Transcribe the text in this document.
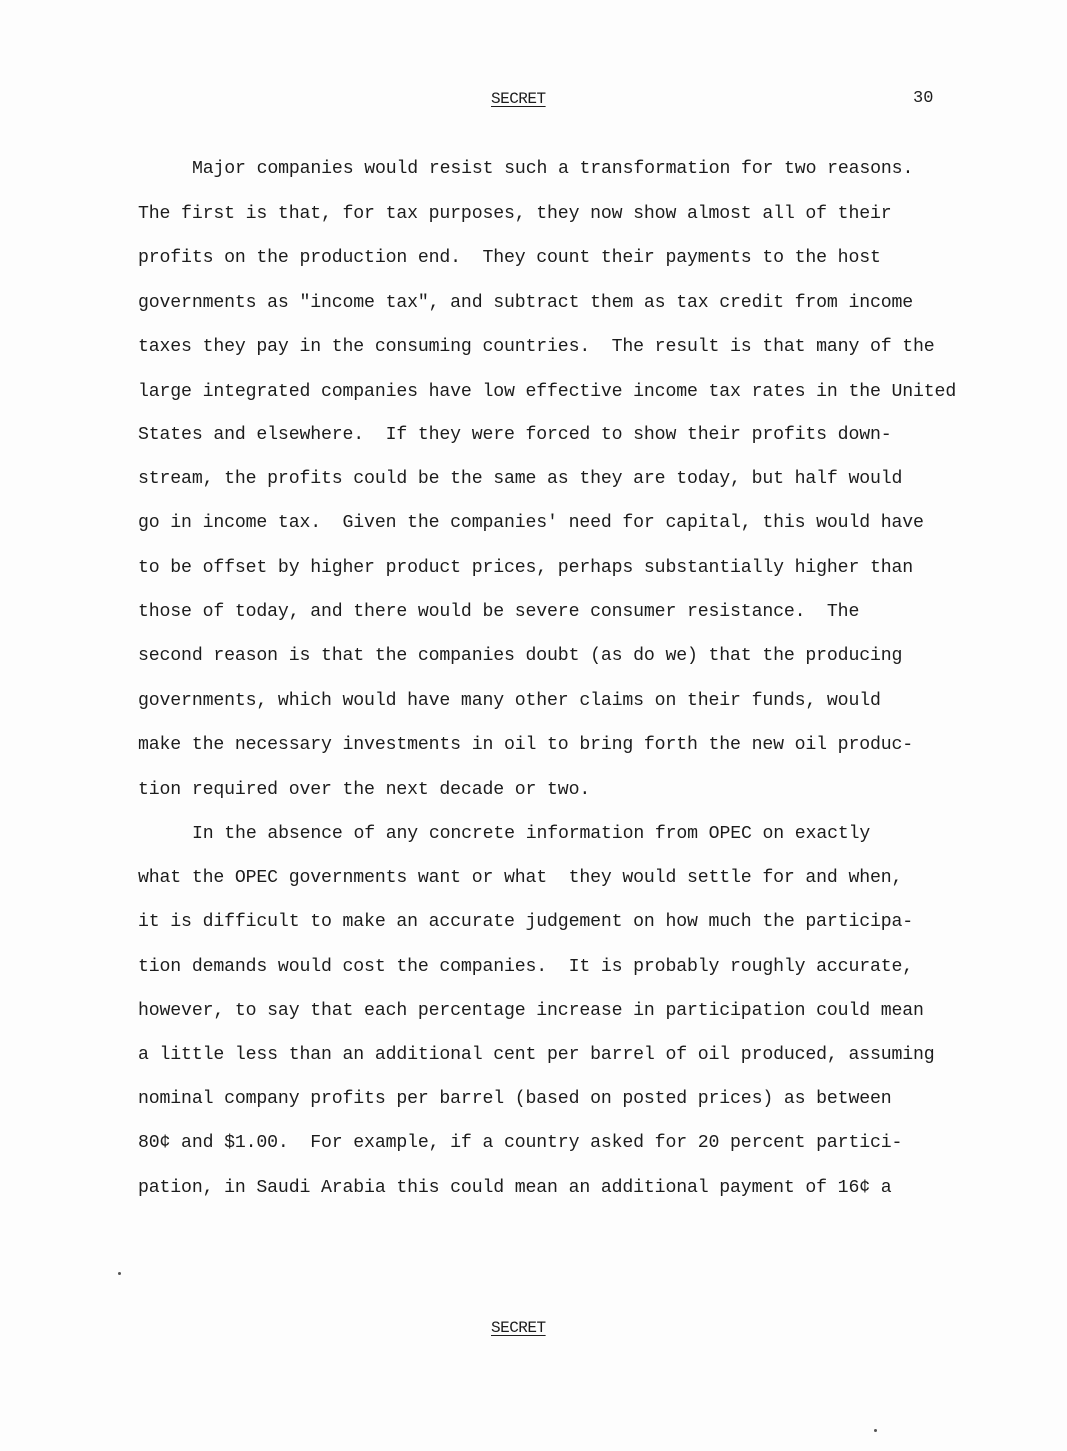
SECRET	30
Major companies would resist such a transformation for two reasons.
The first is that, for tax purposes, they now show almost all of their
profits on the production end.  They count their payments to the host
governments as "income tax", and subtract them as tax credit from income
taxes they pay in the consuming countries.  The result is that many of the
large integrated companies have low effective income tax rates in the United
States and elsewhere.  If they were forced to show their profits down-
stream, the profits could be the same as they are today, but half would
go in income tax.  Given the companies' need for capital, this would have
to be offset by higher product prices, perhaps substantially higher than
those of today, and there would be severe consumer resistance.  The
second reason is that the companies doubt (as do we) that the producing
governments, which would have many other claims on their funds, would
make the necessary investments in oil to bring forth the new oil produc-
tion required over the next decade or two.
In the absence of any concrete information from OPEC on exactly
what the OPEC governments want or what  they would settle for and when,
it is difficult to make an accurate judgement on how much the participa-
tion demands would cost the companies.  It is probably roughly accurate,
however, to say that each percentage increase in participation could mean
a little less than an additional cent per barrel of oil produced, assuming
nominal company profits per barrel (based on posted prices) as between
80¢ and $1.00.  For example, if a country asked for 20 percent partici-
pation, in Saudi Arabia this could mean an additional payment of 16¢ a
SECRET
